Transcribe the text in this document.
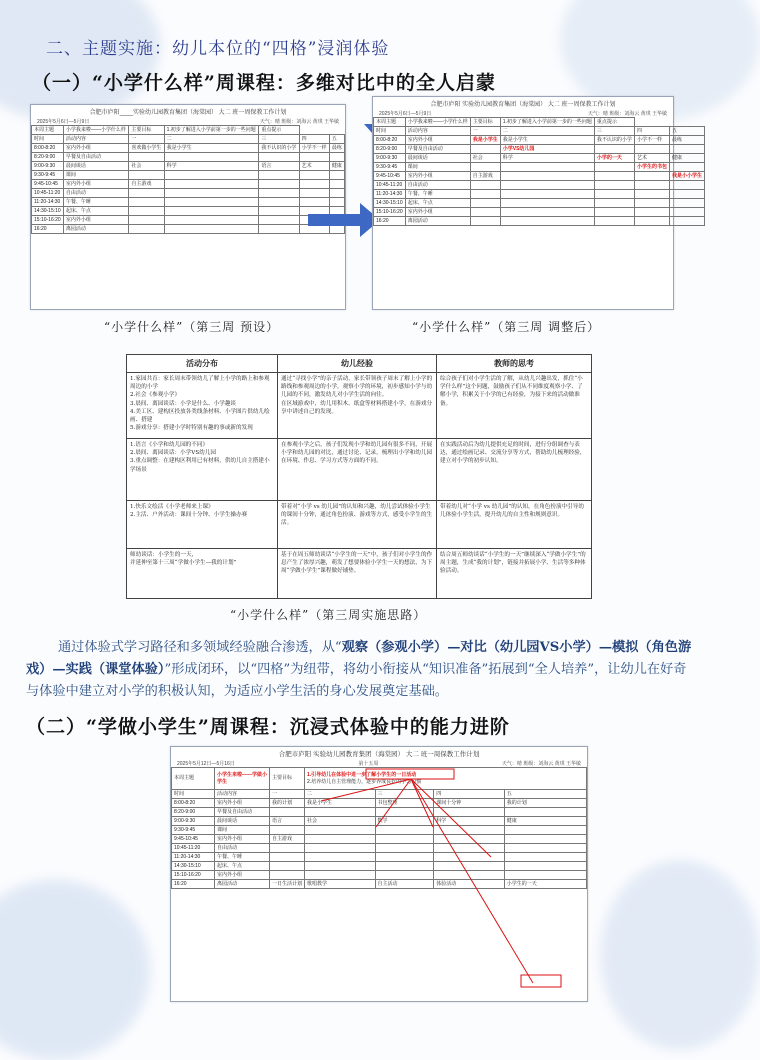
二、主题实施：幼儿本位的“四格”浸润体验
（一）“小学什么样”周课程：多维对比中的全人启蒙
合肥市庐阳____实验幼儿园教育集团（海棠园） 大二 班一周保教工作计划
2025年5月6日—5月9日	天气：晴 班级：刘海云 黄琪 王华敏
本周主题	小学我来啦——小学什么样	主要目标	1.初步了解进入小学前第一步的一些问题	重点提示		
时间	活动内容	一	二	三	四	五
8:00-8:20	室内外小组	喜欢做小学生	我是小学生	我不认识的小学	小学不一样	晨练
8:20-9:00	早餐及自由活动					
9:00-9:30	晨间谈话	社会	科学	语言	艺术	健康
9:30-9:45	课间					
9:45-10:45	室内外小组	自主游戏				
10:45-11:20	自由活动					
11:20-14:30	午餐、午睡					
14:30-15:10	起床、午点					
15:10-16:20	室内外小组					
16:20	离园活动					
合肥市庐阳 实验幼儿园教育集团（海棠园） 大二 班一周保教工作计划
2025年5月6日—5月9日	天气：晴 班级：刘海云 黄琪 王华敏
本周主题	小学我来啦——小学什么样	主要目标	1.初步了解进入小学前第一步的一些问题	重点提示		
时间	活动内容	一	二	三	四	五
8:00-8:20	室内外小组	我是小学生	我是小学生	我不认识的小学	小学不一样	晨练
8:20-9:00	早餐及自由活动		小学VS幼儿园			
9:00-9:30	晨间谈话	社会	科学	小学的一天	艺术	健康
9:30-9:45	课间				小学生的书包	
9:45-10:45	室内外小组	自主游戏				我是小小学生
10:45-11:20	自由活动					
11:20-14:30	午餐、午睡					
14:30-15:10	起床、午点					
15:10-16:20	室内外小组					
16:20	离园活动					
“小学什么样”（第三周 预设）	“小学什么样”（第三周 调整后）
活动分布	幼儿经验	教师的思考
1.家园共育：家长周末带领幼儿了解上小学的路上和参观周边的小学
2.社会《参观小学》
3.晨间、离园谈话：小学是什么、小学趣谈
4.美工区、建构区投放各类线条材料、小学图片供幼儿绘画、搭建
5.游戏分享：搭建小学时特别有趣的事或新的发现	通过“寻找小学”的亲子活动，家长带领孩子周末了解上小学的路线和参观周边的小学，观察小学的环境，初步感知小学与幼儿园的不同，激发幼儿对小学生活的向往。
在区域游戏中，幼儿用积木、纸盒等材料搭建小学，在游戏分享中讲述自己的发现。	综合孩子们对小学生活的了解，从幼儿兴趣出发，抓住“小学什么样”这个问题，鼓励孩子们从不同维度观察小学、了解小学，积累关于小学的已有经验，为接下来的活动做准备。
1.语言《小学和幼儿园的不同》
2.晨间、离园谈话：小学VS幼儿园
3.重点调整：在建构区利用已有材料，供幼儿自主搭建小学场景	在参观小学之后，孩子们发现小学和幼儿园有很多不同，开展小学和幼儿园的对比，通过讨论、记录，梳理出小学和幼儿园在环境、作息、学习方式等方面的不同。	在实践活动后为幼儿提供充足的时间，进行分组调查与表达，通过绘画记录、交流分享等方式，帮助幼儿梳理经验，建立对小学的初步认知。
1.快乐文绘活《小学老师来上课》
2.主活、户外活动：课间十分钟、小学生操办赛	带着对“小学 vs 幼儿园”的认知和兴趣，幼儿尝试体验小学生的课间十分钟，通过角色扮演、游戏等方式，感受小学生的生活。	带着幼儿对“小学 vs 幼儿园”的认知，在角色扮演中引导幼儿体验小学生活，提升幼儿的自主性和规则意识。
师幼谈话：小学生的一天，
并延伸至第十三周“学做小学生—我的计划”	基于在周五师幼谈话“小学生的一天”中，孩子们对小学生的作息产生了浓厚兴趣，萌发了想要体验小学生一天的想法，为下周“学做小学生”课程做好铺垫。	结合周五师幼谈话“小学生的一天”继续深入“学做小学生”的周主题，生成“我的计划”，链接并拓展小学、生活等多种体验活动。
“小学什么样”（第三周实施思路）
通过体验式学习路径和多领域经验融合渗透，从“观察（参观小学）—对比（幼儿园VS小学）—模拟（角色游戏）—实践（课堂体验）”形成闭环，以“四格”为纽带，将幼小衔接从“知识准备”拓展到“全人培养”，让幼儿在好奇与体验中建立对小学的积极认知，为适应小学生活的身心发展奠定基础。
（二）“学做小学生”周课程：沉浸式体验中的能力进阶
合肥市庐阳 实验幼儿园教育集团（海棠园） 大二 班一周保教工作计划
2025年5月12日—5月16日	第十五周	天气：晴 班级：刘海云 黄琪 王华敏
本周主题	小学生来啦——学做小学生	主要目标	1.引导幼儿在体验中进一步了解小学生的一日活动
2.培养幼儿自主管理能力，逐步养成良好的学习习惯			
时间	活动内容	一	二	三	四	五
8:00-8:20	室内外小组	我的计划	我是小学生	书包整理	课间十分钟	我的计划
8:20-9:00	早餐及自由活动					
9:00-9:30	晨间谈话	语言	社会	数学	科学	健康
9:30-9:45	课间					
9:45-10:45	室内外小组	自主游戏				
10:45-11:20	自由活动					
11:20-14:30	午餐、午睡					
14:30-15:10	起床、午点					
15:10-16:20	室内外小组					
16:20	离园活动	一日生活计划	歌唱教学	自主活动	体验活动	小学生的一天
